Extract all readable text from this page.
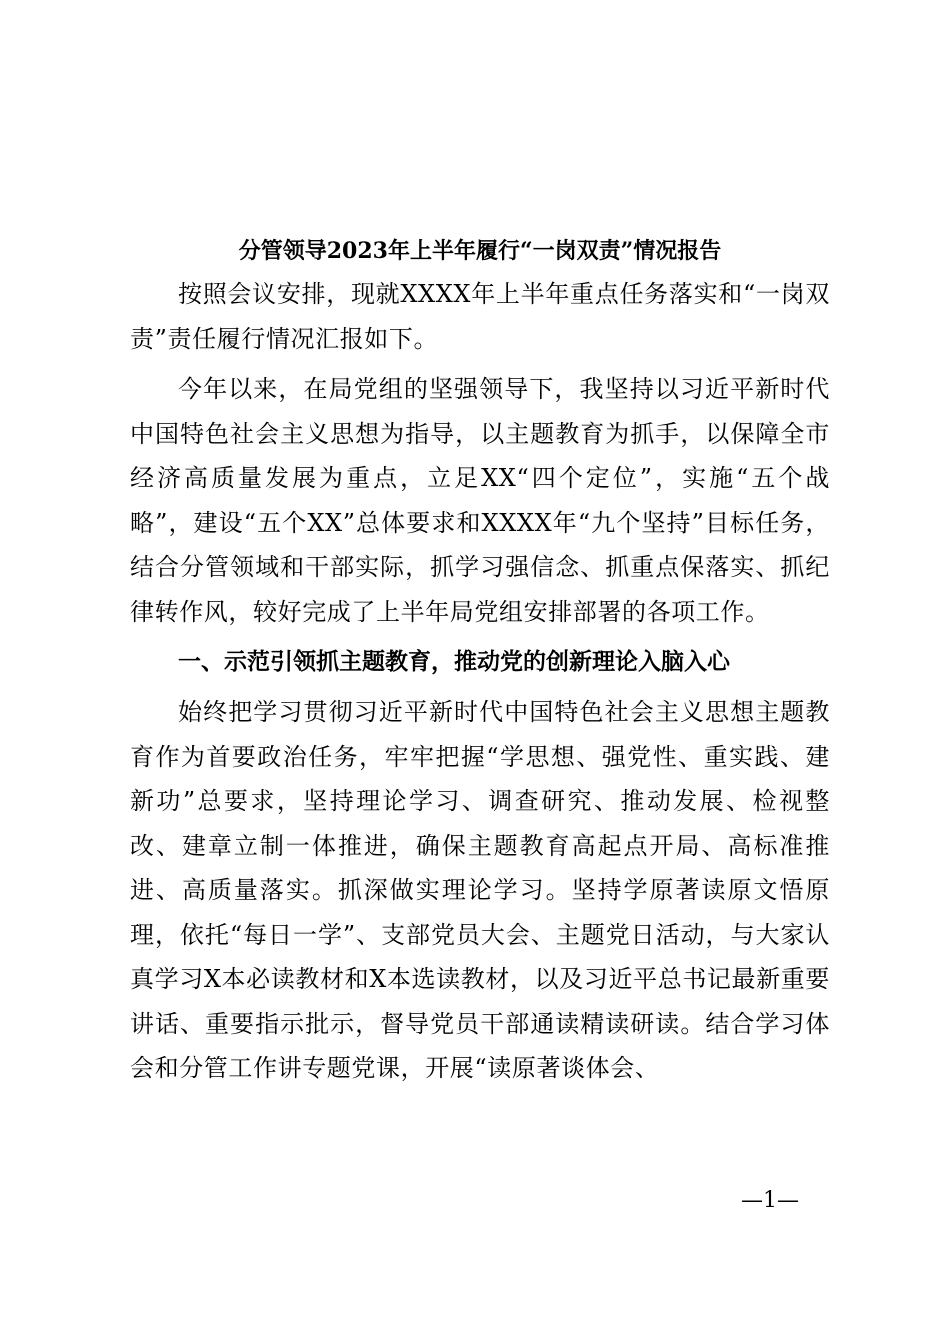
分管领导2023年上半年履行“一岗双责”情况报告

按照会议安排，现就XXXX年上半年重点任务落实和“一岗双责”责任履行情况汇报如下。

今年以来，在局党组的坚强领导下，我坚持以习近平新时代中国特色社会主义思想为指导，以主题教育为抓手，以保障全市经济高质量发展为重点，立足XX“四个定位”，实施“五个战略”，建设“五个XX”总体要求和XXXX年“九个坚持”目标任务，结合分管领域和干部实际，抓学习强信念、抓重点保落实、抓纪律转作风，较好完成了上半年局党组安排部署的各项工作。

一、示范引领抓主题教育，推动党的创新理论入脑入心

始终把学习贯彻习近平新时代中国特色社会主义思想主题教育作为首要政治任务，牢牢把握“学思想、强党性、重实践、建新功”总要求，坚持理论学习、调查研究、推动发展、检视整改、建章立制一体推进，确保主题教育高起点开局、高标准推进、高质量落实。抓深做实理论学习。坚持学原著读原文悟原理，依托“每日一学”、支部党员大会、主题党日活动，与大家认真学习X本必读教材和X本选读教材，以及习近平总书记最新重要讲话、重要指示批示，督导党员干部通读精读研读。结合学习体会和分管工作讲专题党课，开展“读原著谈体会、

—1—
